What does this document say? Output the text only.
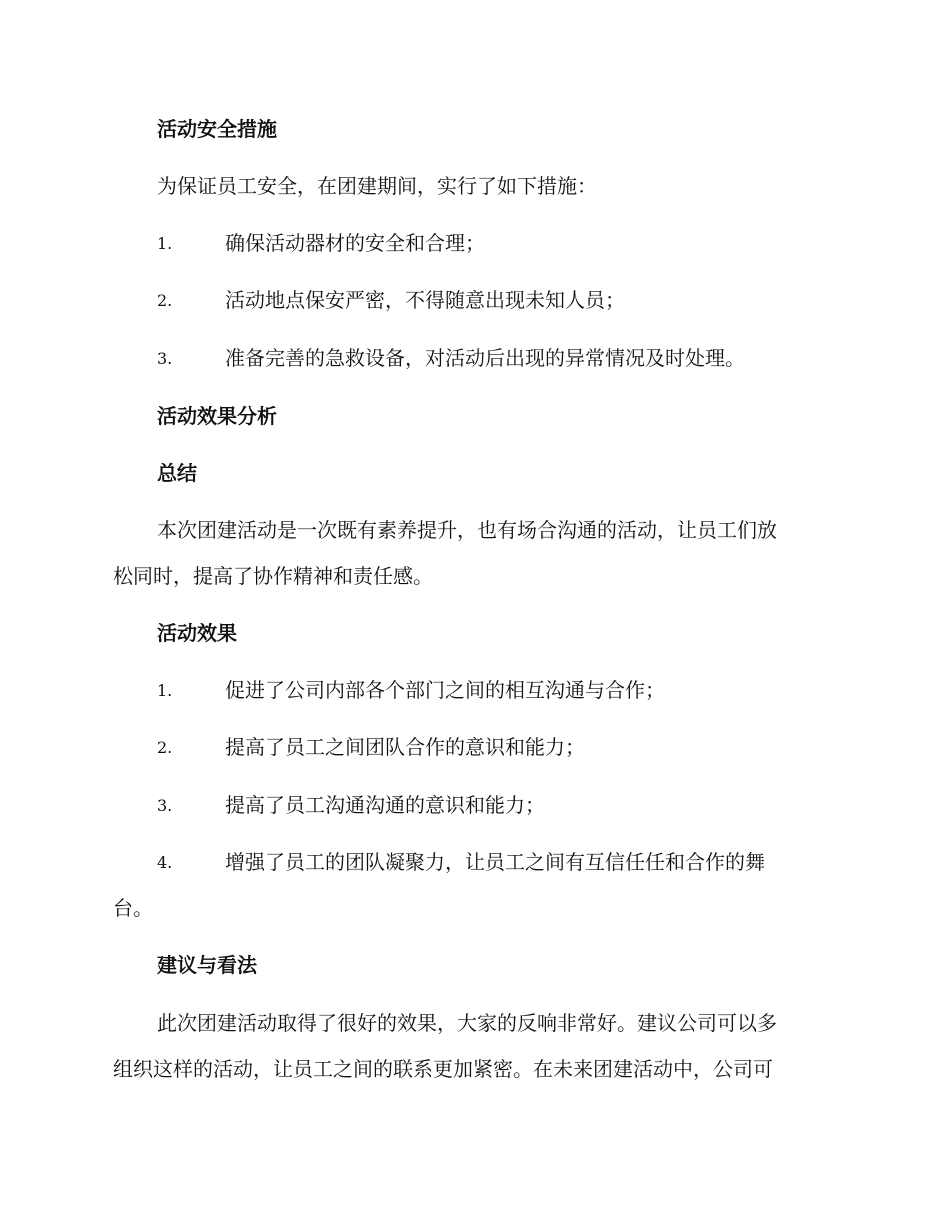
活动安全措施
为保证员工安全，在团建期间，实行了如下措施：
1.	确保活动器材的安全和合理；
2.	活动地点保安严密，不得随意出现未知人员；
3.	准备完善的急救设备，对活动后出现的异常情况及时处理。
活动效果分析
总结
本次团建活动是一次既有素养提升，也有场合沟通的活动，让员工们放
松同时，提高了协作精神和责任感。
活动效果
1.	促进了公司内部各个部门之间的相互沟通与合作；
2.	提高了员工之间团队合作的意识和能力；
3.	提高了员工沟通沟通的意识和能力；
4.	增强了员工的团队凝聚力，让员工之间有互信任任和合作的舞
台。
建议与看法
此次团建活动取得了很好的效果，大家的反响非常好。建议公司可以多
组织这样的活动，让员工之间的联系更加紧密。在未来团建活动中，公司可
